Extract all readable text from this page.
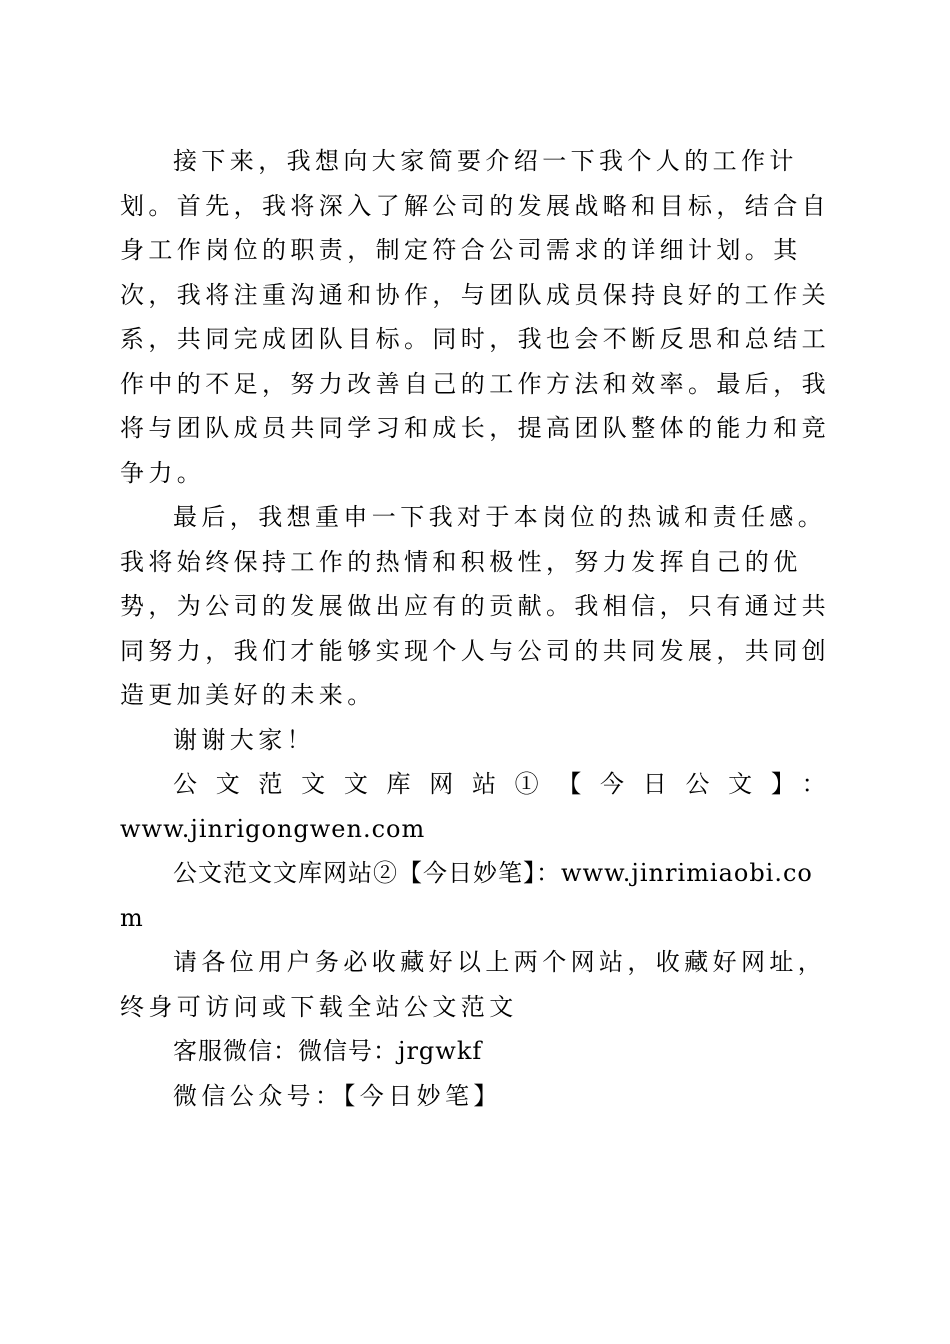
接下来，我想向大家简要介绍一下我个人的工作计划。首先，我将深入了解公司的发展战略和目标，结合自身工作岗位的职责，制定符合公司需求的详细计划。其次，我将注重沟通和协作，与团队成员保持良好的工作关系，共同完成团队目标。同时，我也会不断反思和总结工作中的不足，努力改善自己的工作方法和效率。最后，我将与团队成员共同学习和成长，提高团队整体的能力和竞争力。

最后，我想重申一下我对于本岗位的热诚和责任感。我将始终保持工作的热情和积极性，努力发挥自己的优势，为公司的发展做出应有的贡献。我相信，只有通过共同努力，我们才能够实现个人与公司的共同发展，共同创造更加美好的未来。

谢谢大家！

公文范文文库网站①【今日公文】：

www.jinrigongwen.com

公文范文文库网站②【今日妙笔】：www.jinrimiaobi.com

请各位用户务必收藏好以上两个网站，收藏好网址，终身可访问或下载全站公文范文

客服微信：微信号：jrgwkf

微信公众号：【今日妙笔】
